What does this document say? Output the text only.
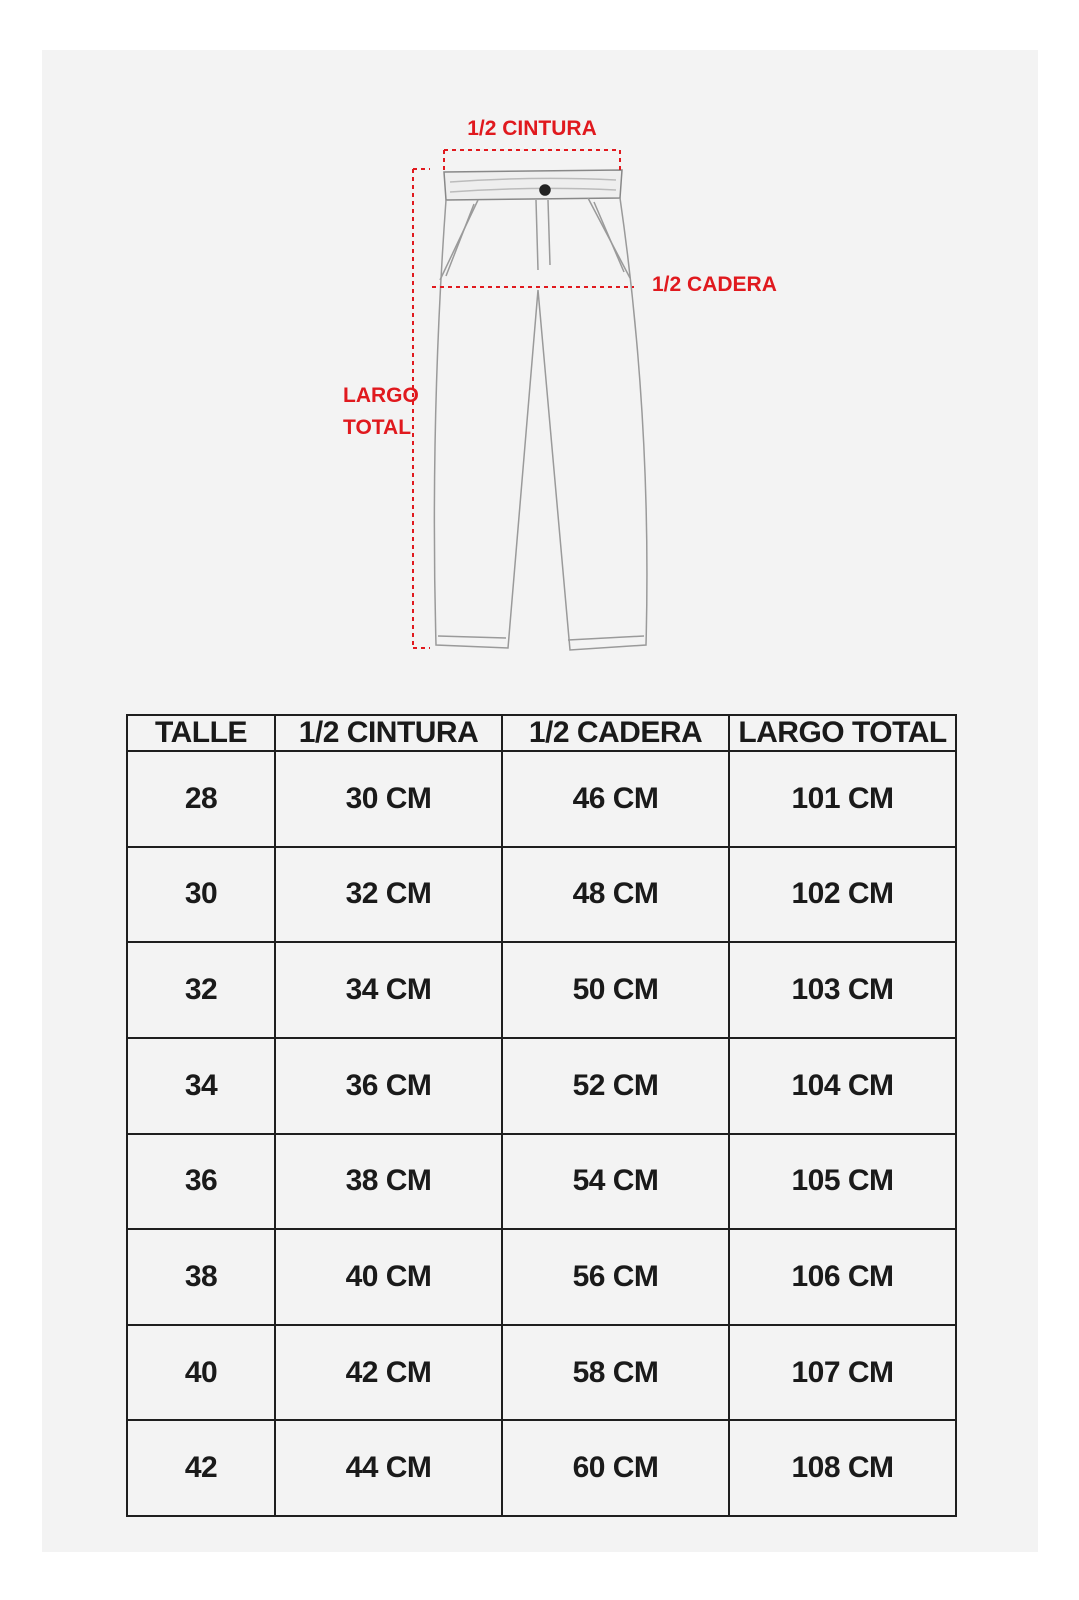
1/2 CINTURA
1/2 CADERA
LARGO
TOTAL
TALLE	1/2 CINTURA	1/2 CADERA	LARGO TOTAL
28	30 CM	46 CM	101 CM
30	32 CM	48 CM	102 CM
32	34 CM	50 CM	103 CM
34	36 CM	52 CM	104 CM
36	38 CM	54 CM	105 CM
38	40 CM	56 CM	106 CM
40	42 CM	58 CM	107 CM
42	44 CM	60 CM	108 CM
